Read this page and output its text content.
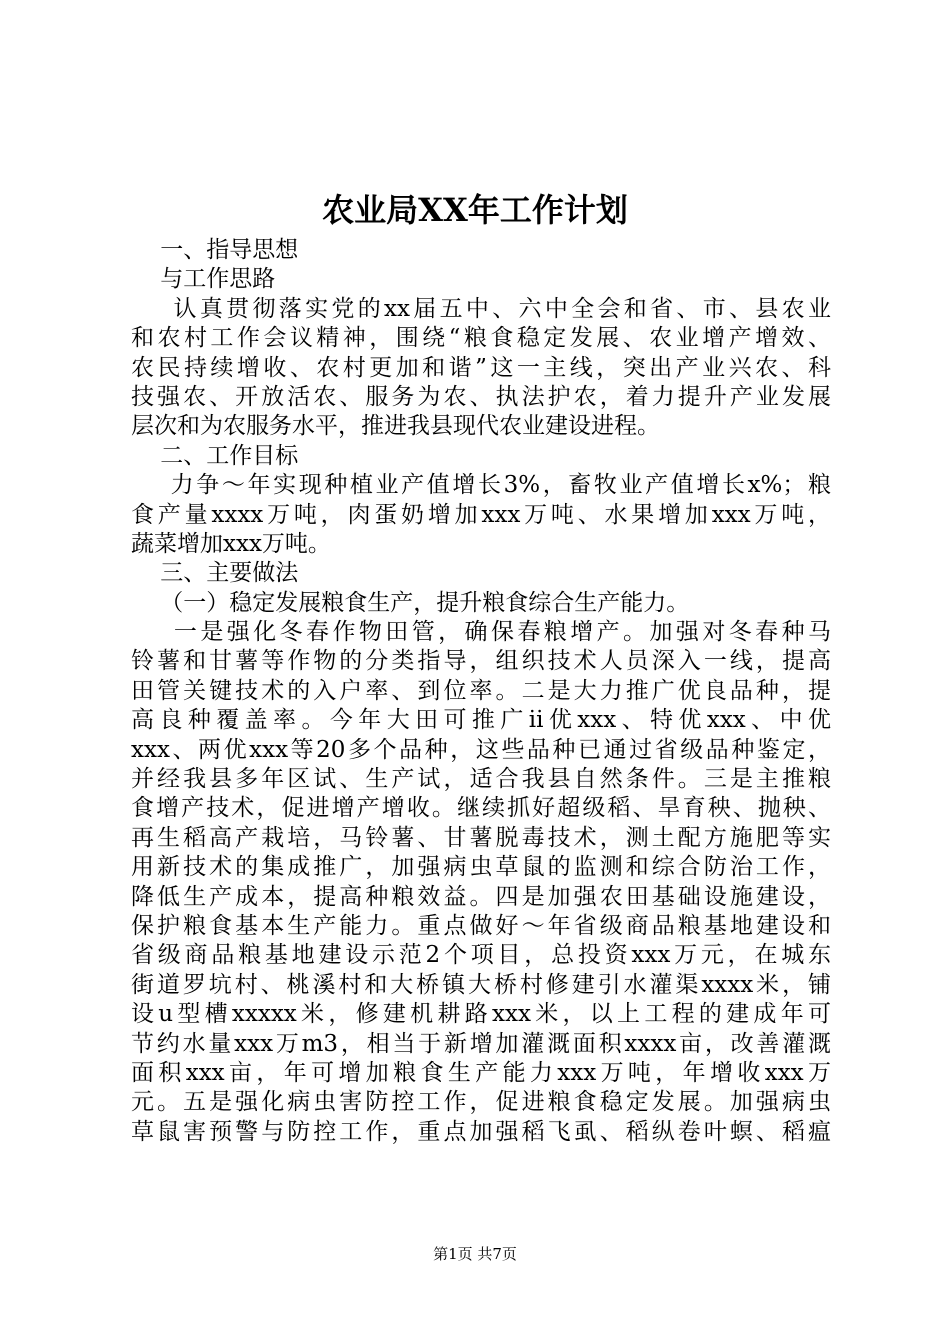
农业局XX年工作计划
一、指导思想
与工作思路
认真贯彻落实党的xx届五中、六中全会和省、市、县农业
和农村工作会议精神，围绕“粮食稳定发展、农业增产增效、
农民持续增收、农村更加和谐”这一主线，突出产业兴农、科
技强农、开放活农、服务为农、执法护农，着力提升产业发展
层次和为农服务水平，推进我县现代农业建设进程。
二、工作目标
力争～年实现种植业产值增长3%，畜牧业产值增长x%；粮
食产量xxxx万吨，肉蛋奶增加xxx万吨、水果增加xxx万吨，
蔬菜增加xxx万吨。
三、主要做法
（一）稳定发展粮食生产，提升粮食综合生产能力。
一是强化冬春作物田管，确保春粮增产。加强对冬春种马
铃薯和甘薯等作物的分类指导，组织技术人员深入一线，提高
田管关键技术的入户率、到位率。二是大力推广优良品种，提
高良种覆盖率。今年大田可推广ii优xxx、特优xxx、中优
xxx、两优xxx等20多个品种，这些品种已通过省级品种鉴定，
并经我县多年区试、生产试，适合我县自然条件。三是主推粮
食增产技术，促进增产增收。继续抓好超级稻、旱育秧、抛秧、
再生稻高产栽培，马铃薯、甘薯脱毒技术，测土配方施肥等实
用新技术的集成推广，加强病虫草鼠的监测和综合防治工作，
降低生产成本，提高种粮效益。四是加强农田基础设施建设，
保护粮食基本生产能力。重点做好～年省级商品粮基地建设和
省级商品粮基地建设示范2个项目，总投资xxx万元，在城东
街道罗坑村、桃溪村和大桥镇大桥村修建引水灌渠xxxx米，铺
设u型槽xxxxx米，修建机耕路xxx米，以上工程的建成年可
节约水量xxx万m3，相当于新增加灌溉面积xxxx亩，改善灌溉
面积xxx亩，年可增加粮食生产能力xxx万吨，年增收xxx万
元。五是强化病虫害防控工作，促进粮食稳定发展。加强病虫
草鼠害预警与防控工作，重点加强稻飞虱、稻纵卷叶螟、稻瘟
第1页 共7页
